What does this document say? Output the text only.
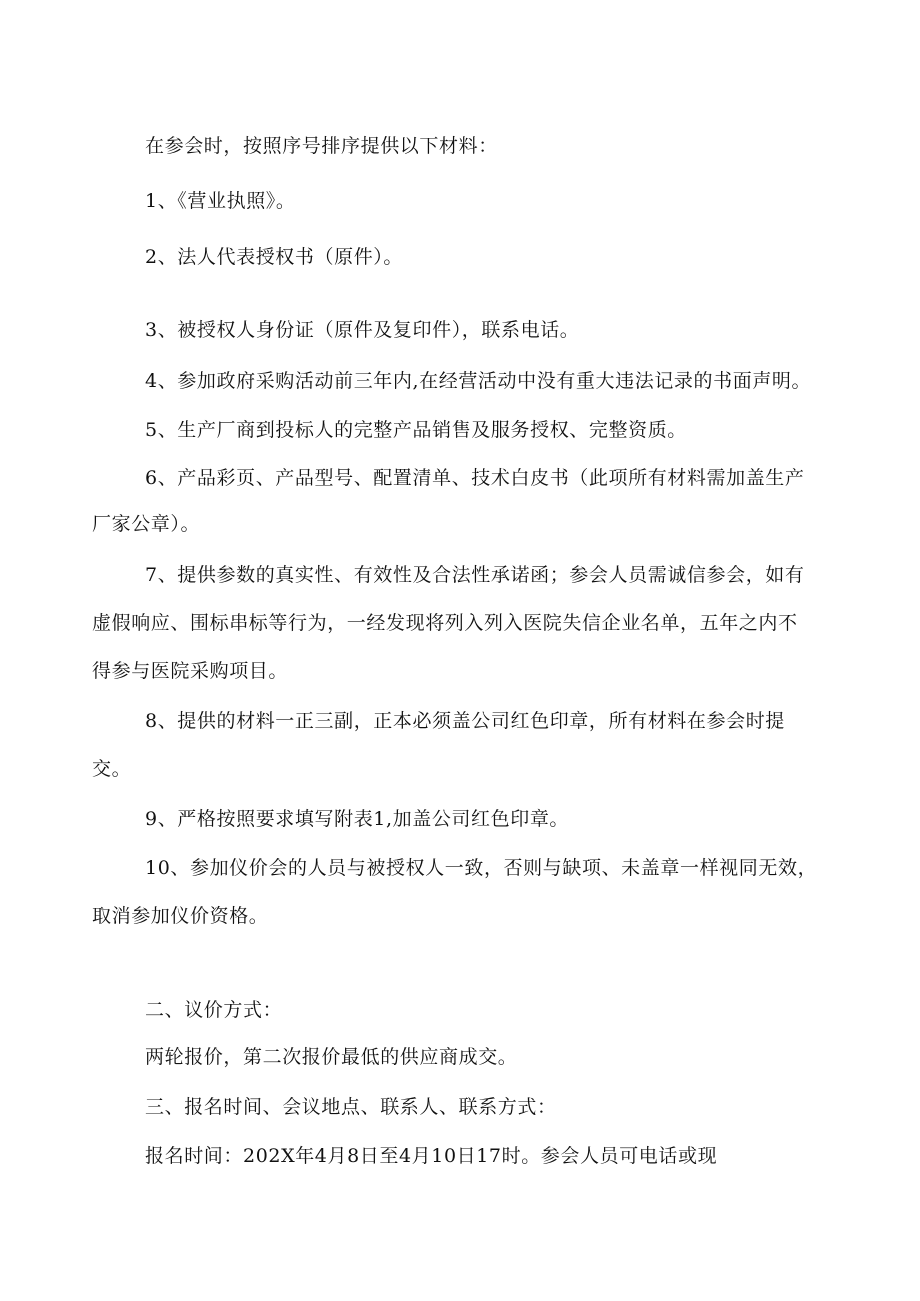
在参会时，按照序号排序提供以下材料：
1、《营业执照》。
2、法人代表授权书（原件）。
3、被授权人身份证（原件及复印件），联系电话。
4、参加政府采购活动前三年内,在经营活动中没有重大违法记录的书面声明。
5、生产厂商到投标人的完整产品销售及服务授权、完整资质。
6、产品彩页、产品型号、配置清单、技术白皮书（此项所有材料需加盖生产
厂家公章）。
7、提供参数的真实性、有效性及合法性承诺函；参会人员需诚信参会，如有
虚假响应、围标串标等行为，一经发现将列入列入医院失信企业名单，五年之内不
得参与医院采购项目。
8、提供的材料一正三副，正本必须盖公司红色印章，所有材料在参会时提
交。
9、严格按照要求填写附表1,加盖公司红色印章。
10、参加仪价会的人员与被授权人一致，否则与缺项、未盖章一样视同无效，
取消参加仪价资格。
二、议价方式：
两轮报价，第二次报价最低的供应商成交。
三、报名时间、会议地点、联系人、联系方式：
报名时间：202X年4月8日至4月10日17时。参会人员可电话或现
